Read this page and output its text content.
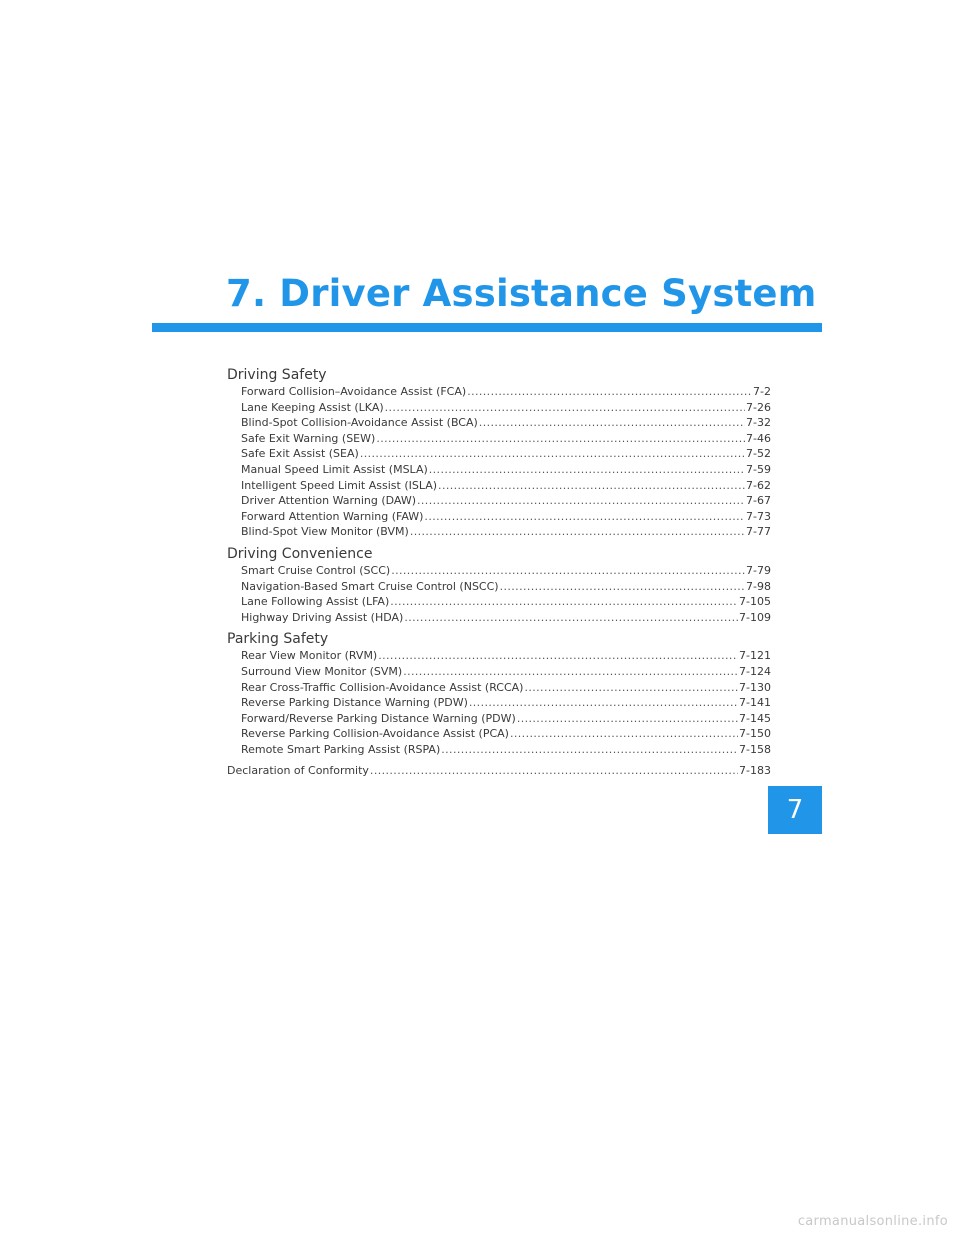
7. Driver Assistance System
Driving Safety
Forward Collision–Avoidance Assist (FCA) .....	7-2
Lane Keeping Assist (LKA) .....	7-26
Blind-Spot Collision-Avoidance Assist (BCA) .....	7-32
Safe Exit Warning (SEW) .....	7-46
Safe Exit Assist (SEA) .....	7-52
Manual Speed Limit Assist (MSLA) .....	7-59
Intelligent Speed Limit Assist (ISLA) .....	7-62
Driver Attention Warning (DAW) .....	7-67
Forward Attention Warning (FAW) .....	7-73
Blind-Spot View Monitor (BVM) .....	7-77
Driving Convenience
Smart Cruise Control (SCC) .....	7-79
Navigation-Based Smart Cruise Control (NSCC) .....	7-98
Lane Following Assist (LFA) .....	7-105
Highway Driving Assist (HDA) .....	7-109
Parking Safety
Rear View Monitor (RVM) .....	7-121
Surround View Monitor (SVM) .....	7-124
Rear Cross-Traffic Collision-Avoidance Assist (RCCA) .....	7-130
Reverse Parking Distance Warning (PDW) .....	7-141
Forward/Reverse Parking Distance Warning (PDW) .....	7-145
Reverse Parking Collision-Avoidance Assist (PCA) .....	7-150
Remote Smart Parking Assist (RSPA) .....	7-158
Declaration of Conformity .....	7-183
7
carmanualsonline.info
